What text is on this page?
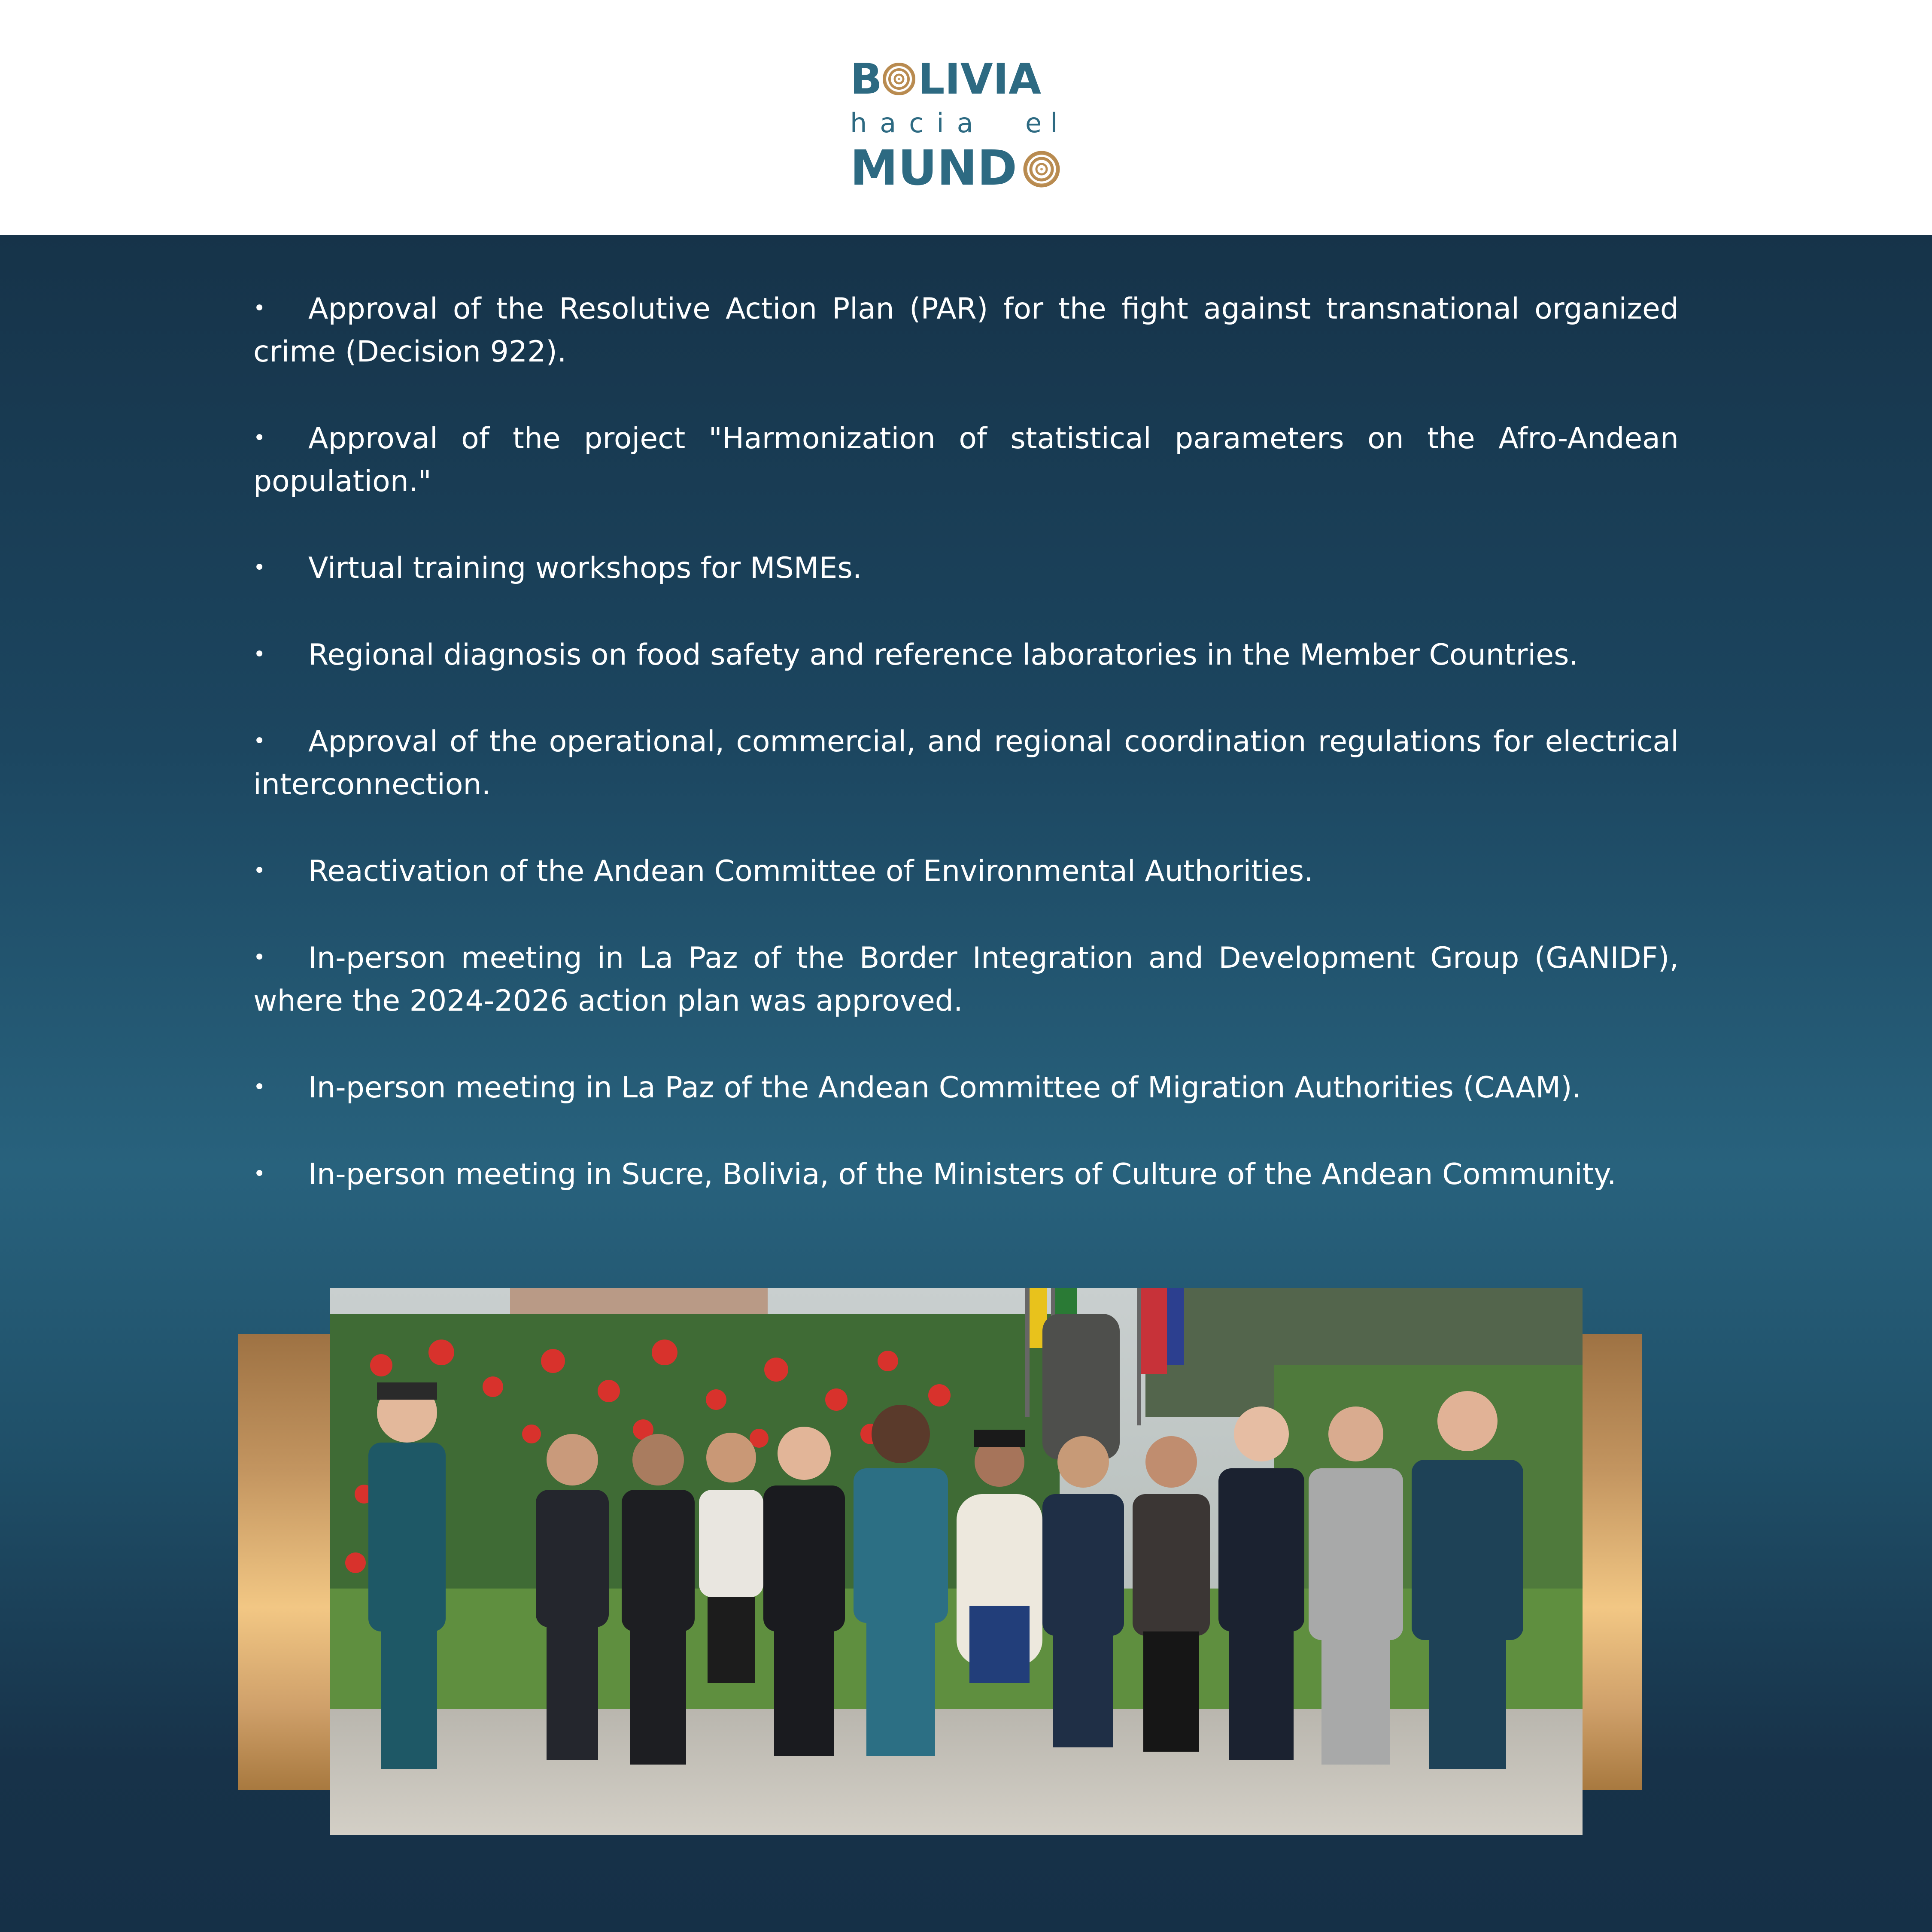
B LIVIA
hacia el
MUND
• Approval of the Resolutive Action Plan (PAR) for the fight against transnational organized crime (Decision 922).
• Approval of the project "Harmonization of statistical parameters on the Afro-Andean population."
• Virtual training workshops for MSMEs.
• Regional diagnosis on food safety and reference laboratories in the Member Countries.
• Approval of the operational, commercial, and regional coordination regulations for electrical interconnection.
• Reactivation of the Andean Committee of Environmental Authorities.
• In-person meeting in La Paz of the Border Integration and Development Group (GANIDF), where the 2024-2026 action plan was approved.
• In-person meeting in La Paz of the Andean Committee of Migration Authorities (CAAM).
• In-person meeting in Sucre, Bolivia, of the Ministers of Culture of the Andean Community.
